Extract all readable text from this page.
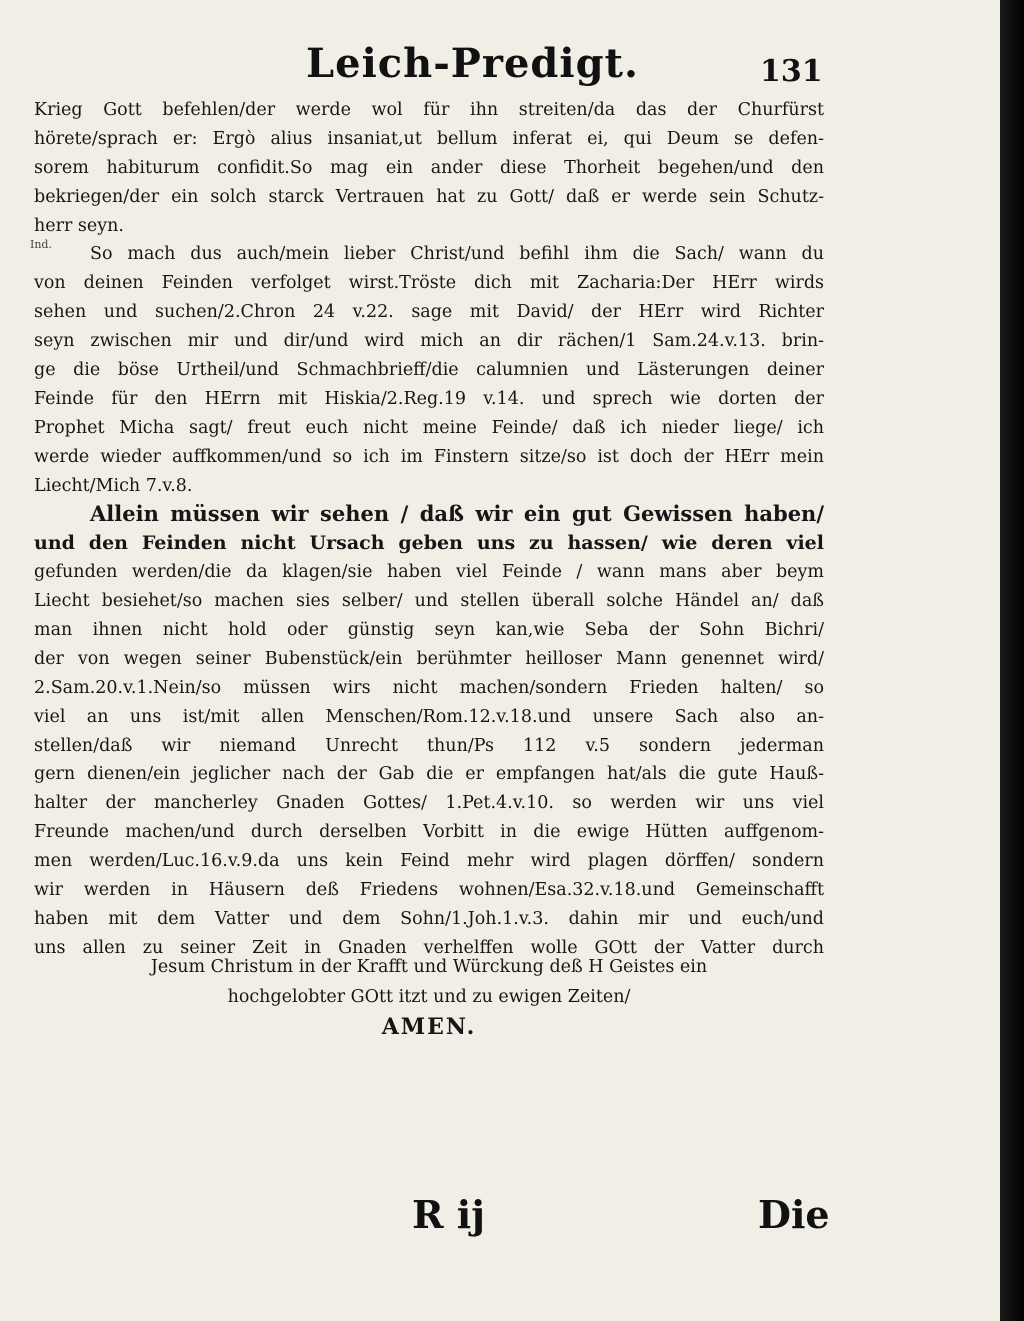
Leich-Predigt.	131
Ind.
Krieg Gott befehlen/der werde wol für ihn streiten/da das der Churfürst
hörete/sprach er: Ergò alius insaniat,ut bellum inferat ei, qui Deum se defen-
sorem habiturum confidit.So mag ein ander diese Thorheit begehen/und den
bekriegen/der ein solch starck Vertrauen hat zu Gott/ daß er werde sein Schutz-
herr seyn.
So mach dus auch/mein lieber Christ/und befihl ihm die Sach/ wann du
von deinen Feinden verfolget wirst.Tröste dich mit Zacharia:Der HErr wirds
sehen und suchen/2.Chron 24 v.22. sage mit David/ der HErr wird Richter
seyn zwischen mir und dir/und wird mich an dir rächen/1 Sam.24.v.13. brin-
ge die böse Urtheil/und Schmachbrieff/die calumnien und Lästerungen deiner
Feinde für den HErrn mit Hiskia/2.Reg.19 v.14. und sprech wie dorten der
Prophet Micha sagt/ freut euch nicht meine Feinde/ daß ich nieder liege/ ich
werde wieder auffkommen/und so ich im Finstern sitze/so ist doch der HErr mein
Liecht/Mich 7.v.8.
Allein müssen wir sehen / daß wir ein gut Gewissen haben/
und den Feinden nicht Ursach geben uns zu hassen/ wie deren viel
gefunden werden/die da klagen/sie haben viel Feinde / wann mans aber beym
Liecht besiehet/so machen sies selber/ und stellen überall solche Händel an/ daß
man ihnen nicht hold oder günstig seyn kan,wie Seba der Sohn Bichri/
der von wegen seiner Bubenstück/ein berühmter heilloser Mann genennet wird/
2.Sam.20.v.1.Nein/so müssen wirs nicht machen/sondern Frieden halten/ so
viel an uns ist/mit allen Menschen/Rom.12.v.18.und unsere Sach also an-
stellen/daß wir niemand Unrecht thun/Ps 112 v.5 sondern jederman
gern dienen/ein jeglicher nach der Gab die er empfangen hat/als die gute Hauß-
halter der mancherley Gnaden Gottes/ 1.Pet.4.v.10. so werden wir uns viel
Freunde machen/und durch derselben Vorbitt in die ewige Hütten auffgenom-
men werden/Luc.16.v.9.da uns kein Feind mehr wird plagen dörffen/ sondern
wir werden in Häusern deß Friedens wohnen/Esa.32.v.18.und Gemeinschafft
haben mit dem Vatter und dem Sohn/1.Joh.1.v.3. dahin mir und euch/und
uns allen zu seiner Zeit in Gnaden verhelffen wolle GOtt der Vatter durch
Jesum Christum in der Krafft und Würckung deß H Geistes ein
hochgelobter GOtt itzt und zu ewigen Zeiten/
AMEN.
R ij	Die
